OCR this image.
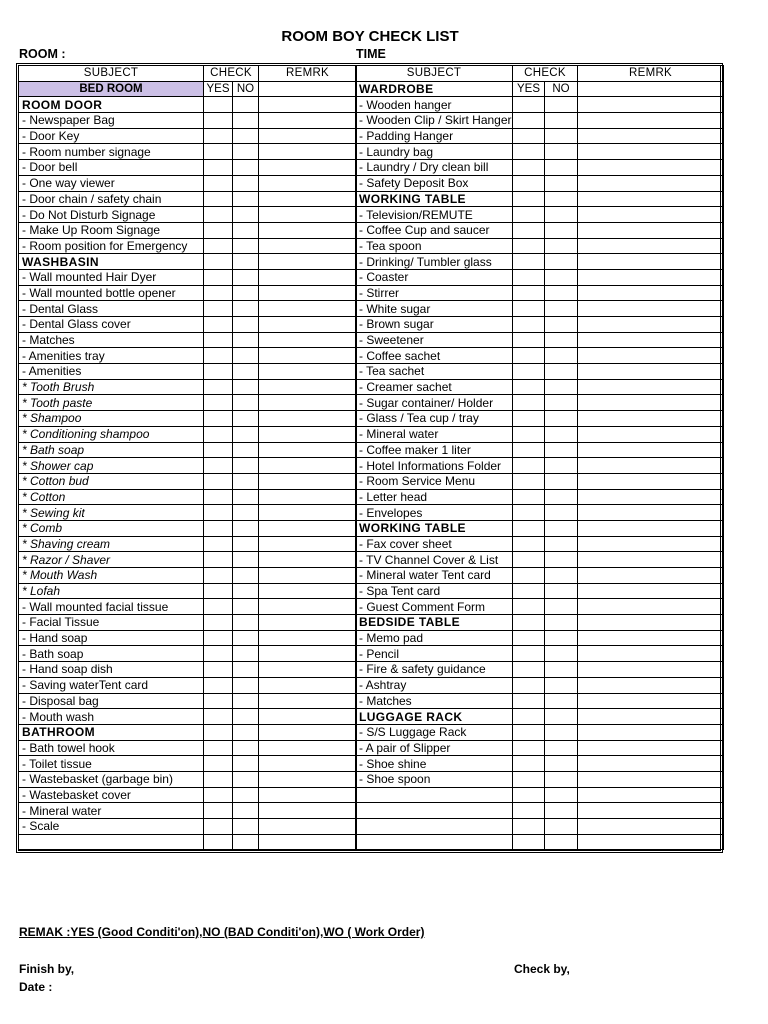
ROOM BOY CHECK LIST
ROOM :	TIME
SUBJECT	CHECK		REMRK
BED ROOM	YES	NO	
ROOM DOOR			
- Newspaper Bag			
- Door Key			
- Room number signage			
- Door bell			
- One way viewer			
- Door chain / safety chain			
- Do Not Disturb Signage			
- Make Up Room Signage			
- Room position for Emergency			
WASHBASIN			
- Wall mounted Hair Dyer			
- Wall mounted bottle opener			
- Dental Glass			
- Dental Glass cover			
- Matches			
- Amenities tray			
- Amenities			
* Tooth Brush			
* Tooth paste			
* Shampoo			
* Conditioning shampoo			
* Bath soap			
* Shower cap			
* Cotton bud			
* Cotton			
* Sewing kit			
* Comb			
* Shaving cream			
* Razor / Shaver			
* Mouth Wash			
* Lofah			
- Wall mounted facial tissue			
- Facial Tissue			
- Hand soap			
- Bath soap			
- Hand soap dish			
- Saving waterTent card			
- Disposal bag			
- Mouth wash			
BATHROOM			
- Bath towel hook			
- Toilet tissue			
- Wastebasket (garbage bin)			
- Wastebasket cover			
- Mineral water			
- Scale			

SUBJECT	CHECK		REMRK
WARDROBE	YES	NO	
- Wooden hanger			
- Wooden Clip / Skirt Hanger			
- Padding Hanger			
- Laundry bag			
- Laundry / Dry clean bill			
- Safety Deposit Box			
WORKING TABLE			
- Television/REMUTE			
- Coffee Cup and saucer			
- Tea spoon			
- Drinking/ Tumbler glass			
- Coaster			
- Stirrer			
- White sugar			
- Brown sugar			
- Sweetener			
- Coffee sachet			
- Tea sachet			
- Creamer sachet			
- Sugar container/ Holder			
- Glass / Tea cup / tray			
- Mineral water			
- Coffee maker 1 liter			
- Hotel Informations Folder			
- Room Service Menu			
- Letter head			
- Envelopes			
WORKING TABLE			
- Fax cover sheet			
- TV Channel Cover & List			
- Mineral water Tent card			
- Spa Tent card			
- Guest Comment Form			
BEDSIDE TABLE			
- Memo pad			
- Pencil			
- Fire & safety guidance			
- Ashtray			
- Matches			
LUGGAGE RACK			
- S/S Luggage Rack			
- A pair of Slipper			
- Shoe shine			
- Shoe spoon			

REMAK :YES (Good Conditi'on),NO (BAD Conditi'on),WO ( Work Order)
Finish by,	Check by,
Date :
